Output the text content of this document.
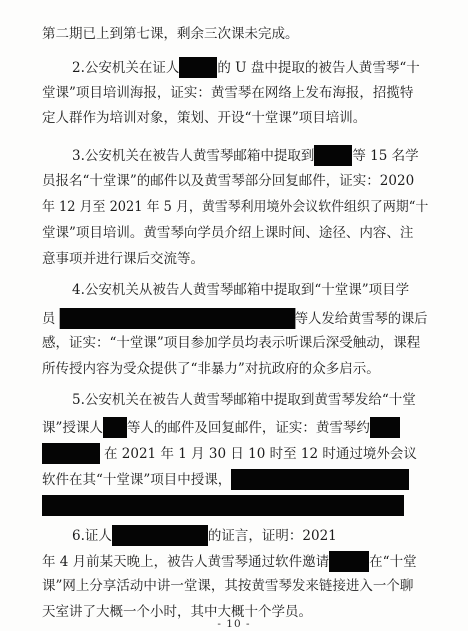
第二期已上到第七课，剩余三次课未完成。
2.公安机关在证人	的 U 盘中提取的被告人黄雪琴“十
堂课”项目培训海报，证实：黄雪琴在网络上发布海报，招揽特
定人群作为培训对象，策划、开设“十堂课”项目培训。
3.公安机关在被告人黄雪琴邮箱中提取到	等 15 名学
员报名“十堂课”的邮件以及黄雪琴部分回复邮件，证实：2020
年 12 月至 2021 年 5 月，黄雪琴利用境外会议软件组织了两期“十
堂课”项目培训。黄雪琴向学员介绍上课时间、途径、内容、注
意事项并进行课后交流等。
4.公安机关从被告人黄雪琴邮箱中提取到“十堂课”项目学
员	等人发给黄雪琴的课后
感，证实：“十堂课”项目参加学员均表示听课后深受触动，课程
所传授内容为受众提供了“非暴力”对抗政府的众多启示。
5.公安机关在被告人黄雪琴邮箱中提取到黄雪琴发给“十堂
课”授课人 等人的邮件及回复邮件，证实：黄雪琴约
在 2021 年 1 月 30 日 10 时至 12 时通过境外会议
软件在其“十堂课”项目中授课，
6.证人	的证言，证明：2021
年 4 月前某天晚上，被告人黄雪琴通过软件邀请	在“十堂
课”网上分享活动中讲一堂课，其按黄雪琴发来链接进入一个聊
天室讲了大概一个小时，其中大概十个学员。
- 10 -
